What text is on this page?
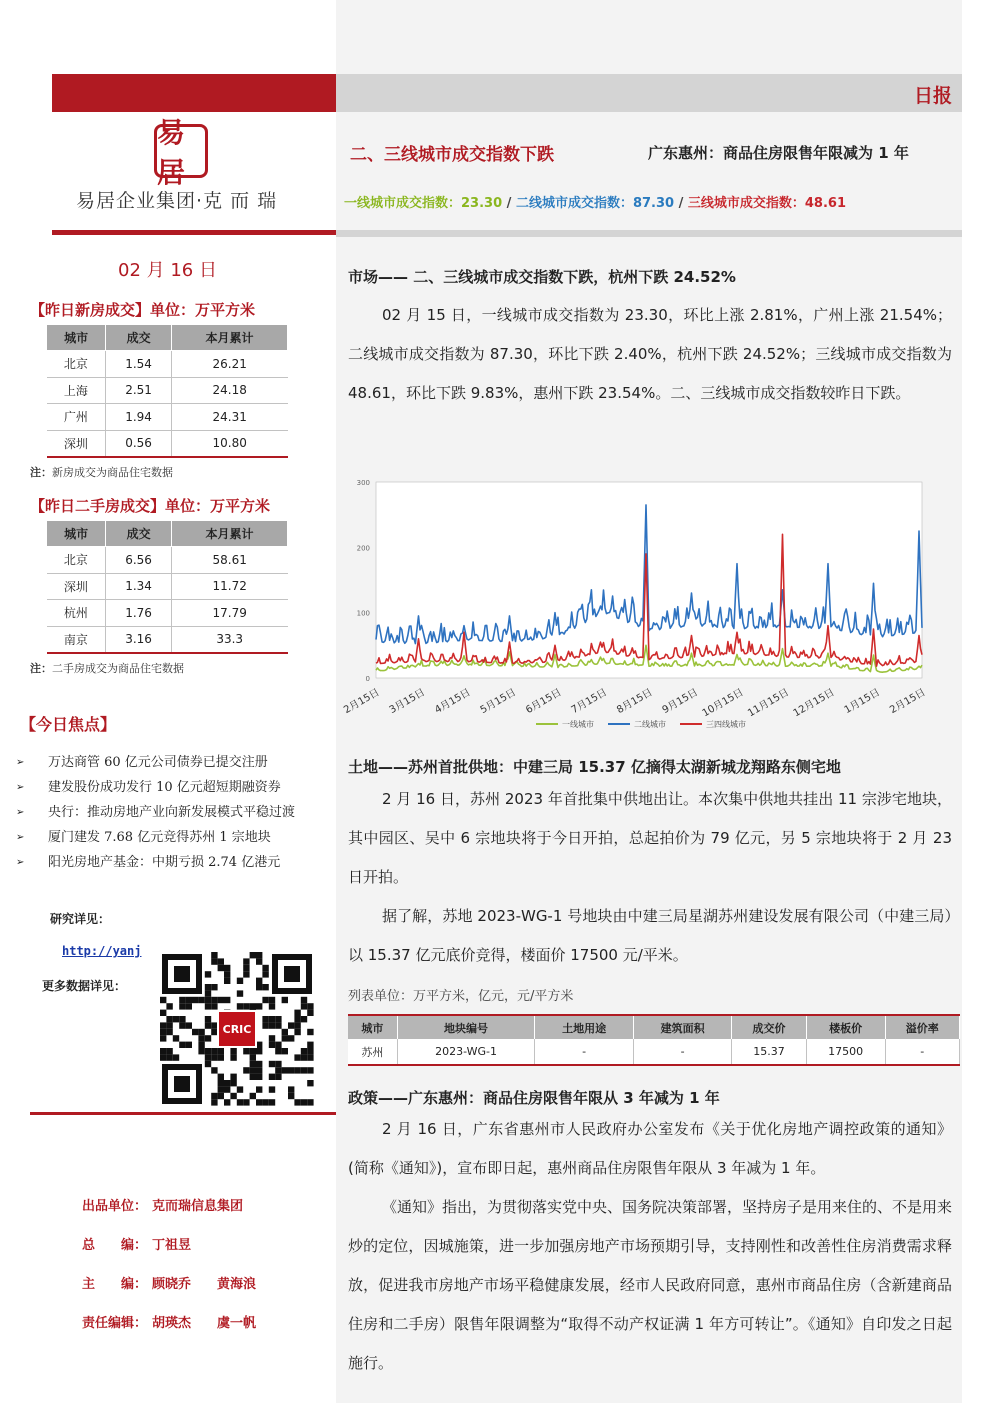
易居
易居企业集团·克 而 瑞
02 月 16 日
【昨日新房成交】单位：万平方米
城市	成交	本月累计
北京	1.54	26.21
上海	2.51	24.18
广州	1.94	24.31
深圳	0.56	10.80
注：新房成交为商品住宅数据
【昨日二手房成交】单位：万平方米
城市	成交	本月累计
北京	6.56	58.61
深圳	1.34	11.72
杭州	1.76	17.79
南京	3.16	33.3
注：二手房成交为商品住宅数据
【今日焦点】
➢ 万达商管 60 亿元公司债券已提交注册
➢ 建发股份成功发行 10 亿元超短期融资券
➢ 央行：推动房地产业向新发展模式平稳过渡
➢ 厦门建发 7.68 亿元竞得苏州 1 宗地块
➢ 阳光房地产基金：中期亏损 2.74 亿港元
研究详见：
http://yanj
更多数据详见：
CRIC
日报
二、三线城市成交指数下跌	广东惠州：商品住房限售年限减为 1 年
一线城市成交指数：23.30 / 二线城市成交指数：87.30 / 三线城市成交指数：48.61
市场—— 二、三线城市成交指数下跌，杭州下跌 24.52%
02 月 15 日，一线城市成交指数为 23.30，环比上涨 2.81%，广州上涨 21.54%；二线城市成交指数为 87.30，环比下跌 2.40%，杭州下跌 24.52%；三线城市成交指数为 48.61，环比下跌 9.83%，惠州下跌 23.54%。二、三线城市成交指数较昨日下跌。
0
100
200
300
2月15日 3月15日 4月15日 5月15日 6月15日 7月15日 8月15日 9月15日 10月15日 11月15日 12月15日 1月15日 2月15日
一线城市	二线城市	三四线城市
土地——苏州首批供地：中建三局 15.37 亿摘得太湖新城龙翔路东侧宅地
2 月 16 日，苏州 2023 年首批集中供地出让。本次集中供地共挂出 11 宗涉宅地块，其中园区、吴中 6 宗地块将于今日开拍，总起拍价为 79 亿元，另 5 宗地块将于 2 月 23 日开拍。
据了解，苏地 2023-WG-1 号地块由中建三局星湖苏州建设发展有限公司（中建三局）以 15.37 亿元底价竞得，楼面价 17500 元/平米。
列表单位：万平方米，亿元，元/平方米
城市	地块编号	土地用途	建筑面积	成交价	楼板价	溢价率
苏州	2023-WG-1	-	-	15.37	17500	-
政策——广东惠州：商品住房限售年限从 3 年减为 1 年
2 月 16 日，广东省惠州市人民政府办公室发布《关于优化房地产调控政策的通知》(简称《通知》)，宣布即日起，惠州商品住房限售年限从 3 年减为 1 年。
《通知》指出，为贯彻落实党中央、国务院决策部署，坚持房子是用来住的、不是用来炒的定位，因城施策，进一步加强房地产市场预期引导，支持刚性和改善性住房消费需求释放，促进我市房地产市场平稳健康发展，经市人民政府同意，惠州市商品住房（含新建商品住房和二手房）限售年限调整为“取得不动产权证满 1 年方可转让”。《通知》自印发之日起施行。
出品单位： 克而瑞信息集团
总　　编： 丁祖昱
主　　编： 顾晓乔　　黄海浪
责任编辑： 胡瑛杰　　虞一帆
